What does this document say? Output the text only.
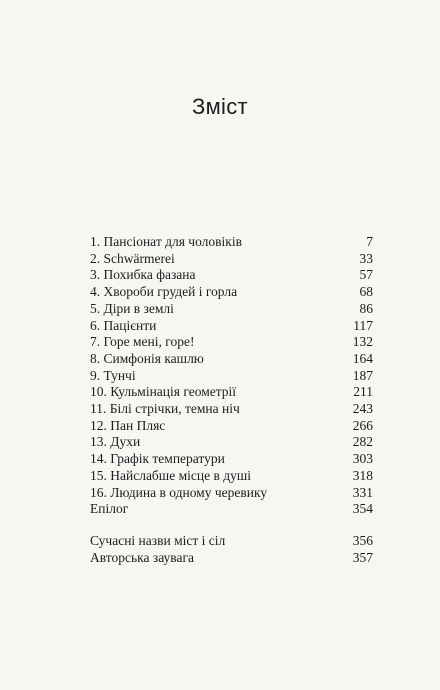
Зміст
1. Пансіонат для чоловіків	7
2. Schwärmerei	33
3. Похибка фазана	57
4. Хвороби грудей і горла	68
5. Діри в землі	86
6. Пацієнти	117
7. Горе мені, горе!	132
8. Симфонія кашлю	164
9. Тунчі	187
10. Кульмінація геометрії	211
11. Білі стрічки, темна ніч	243
12. Пан Пляс	266
13. Духи	282
14. Графік температури	303
15. Найслабше місце в душі	318
16. Людина в одному черевику	331
Епілог	354
Сучасні назви міст і сіл	356
Авторська заувага	357
